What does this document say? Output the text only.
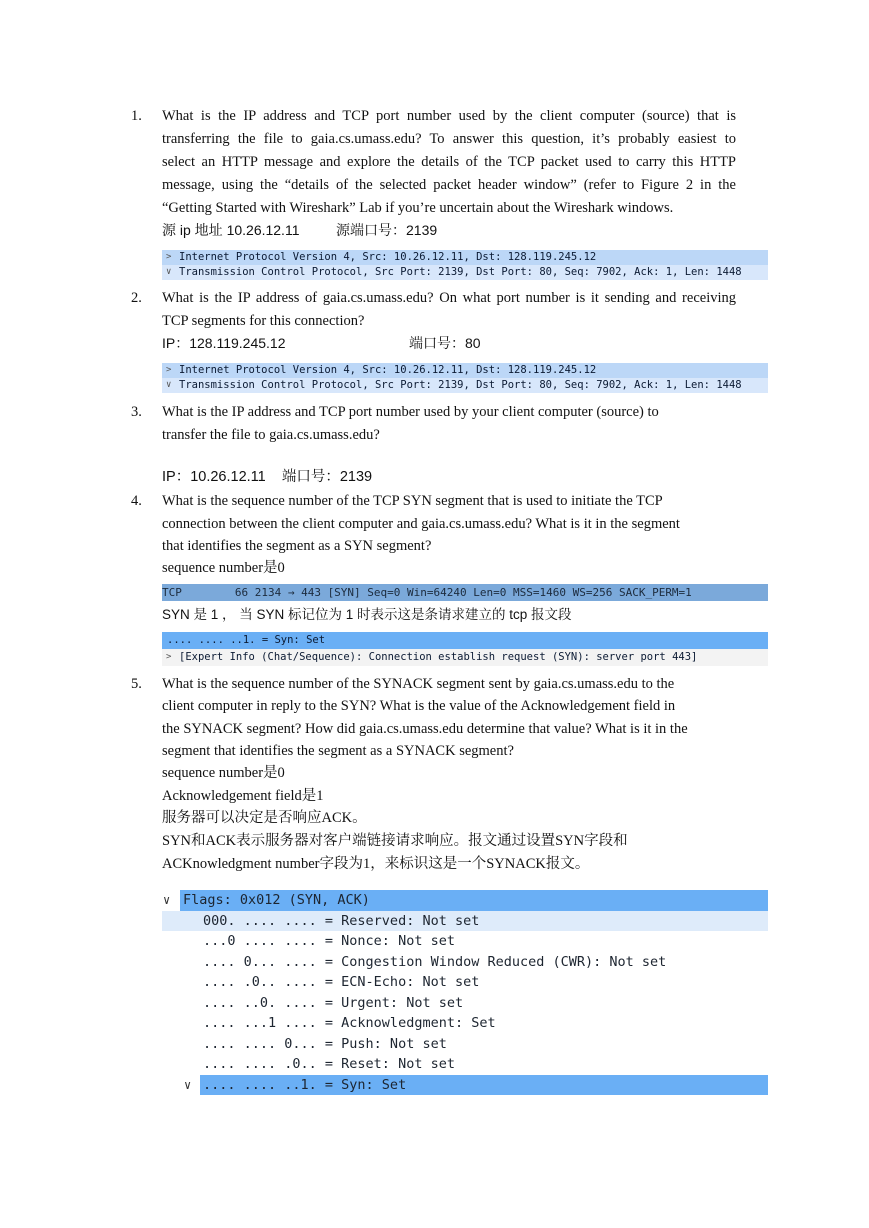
1. What is the IP address and TCP port number used by the client computer (source) that is
transferring the file to gaia.cs.umass.edu? To answer this question, it’s probably easiest to
select an HTTP message and explore the details of the TCP packet used to carry this HTTP
message, using the “details of the selected packet header window” (refer to Figure 2 in the
“Getting Started with Wireshark” Lab if you’re uncertain about the Wireshark windows.
源 ip 地址 10.26.12.11	源端口号：2139
> Internet Protocol Version 4, Src: 10.26.12.11, Dst: 128.119.245.12
∨ Transmission Control Protocol, Src Port: 2139, Dst Port: 80, Seq: 7902, Ack: 1, Len: 1448
2. What is the IP address of gaia.cs.umass.edu? On what port number is it sending and receiving
TCP segments for this connection?
IP：128.119.245.12	端口号：80
> Internet Protocol Version 4, Src: 10.26.12.11, Dst: 128.119.245.12
∨ Transmission Control Protocol, Src Port: 2139, Dst Port: 80, Seq: 7902, Ack: 1, Len: 1448
3. What is the IP address and TCP port number used by your client computer (source) to
transfer the file to gaia.cs.umass.edu?
IP：10.26.12.11    端口号：2139
4. What is the sequence number of the TCP SYN segment that is used to initiate the TCP
connection between the client computer and gaia.cs.umass.edu? What is it in the segment
that identifies the segment as a SYN segment?
sequence number是0
TCP        66 2134 → 443 [SYN] Seq=0 Win=64240 Len=0 MSS=1460 WS=256 SACK_PERM=1
SYN 是 1 ， 当 SYN 标记位为 1 时表示这是条请求建立的 tcp 报文段
.... .... ..1. = Syn: Set
> [Expert Info (Chat/Sequence): Connection establish request (SYN): server port 443]
5. What is the sequence number of the SYNACK segment sent by gaia.cs.umass.edu to the
client computer in reply to the SYN? What is the value of the Acknowledgement field in
the SYNACK segment? How did gaia.cs.umass.edu determine that value? What is it in the
segment that identifies the segment as a SYNACK segment?
sequence number是0
Acknowledgement field是1
服务器可以决定是否响应ACK。
SYN和ACK表示服务器对客户端链接请求响应。报文通过设置SYN字段和
ACKnowledgment number字段为1，来标识这是一个SYNACK报文。

∨

Flags: 0x012 (SYN, ACK)

000. .... .... = Reserved: Not set
...0 .... .... = Nonce: Not set
.... 0... .... = Congestion Window Reduced (CWR): Not set
.... .0.. .... = ECN-Echo: Not set
.... ..0. .... = Urgent: Not set
.... ...1 .... = Acknowledgment: Set
.... .... 0... = Push: Not set
.... .... .0.. = Reset: Not set

∨

.... .... ..1. = Syn: Set
